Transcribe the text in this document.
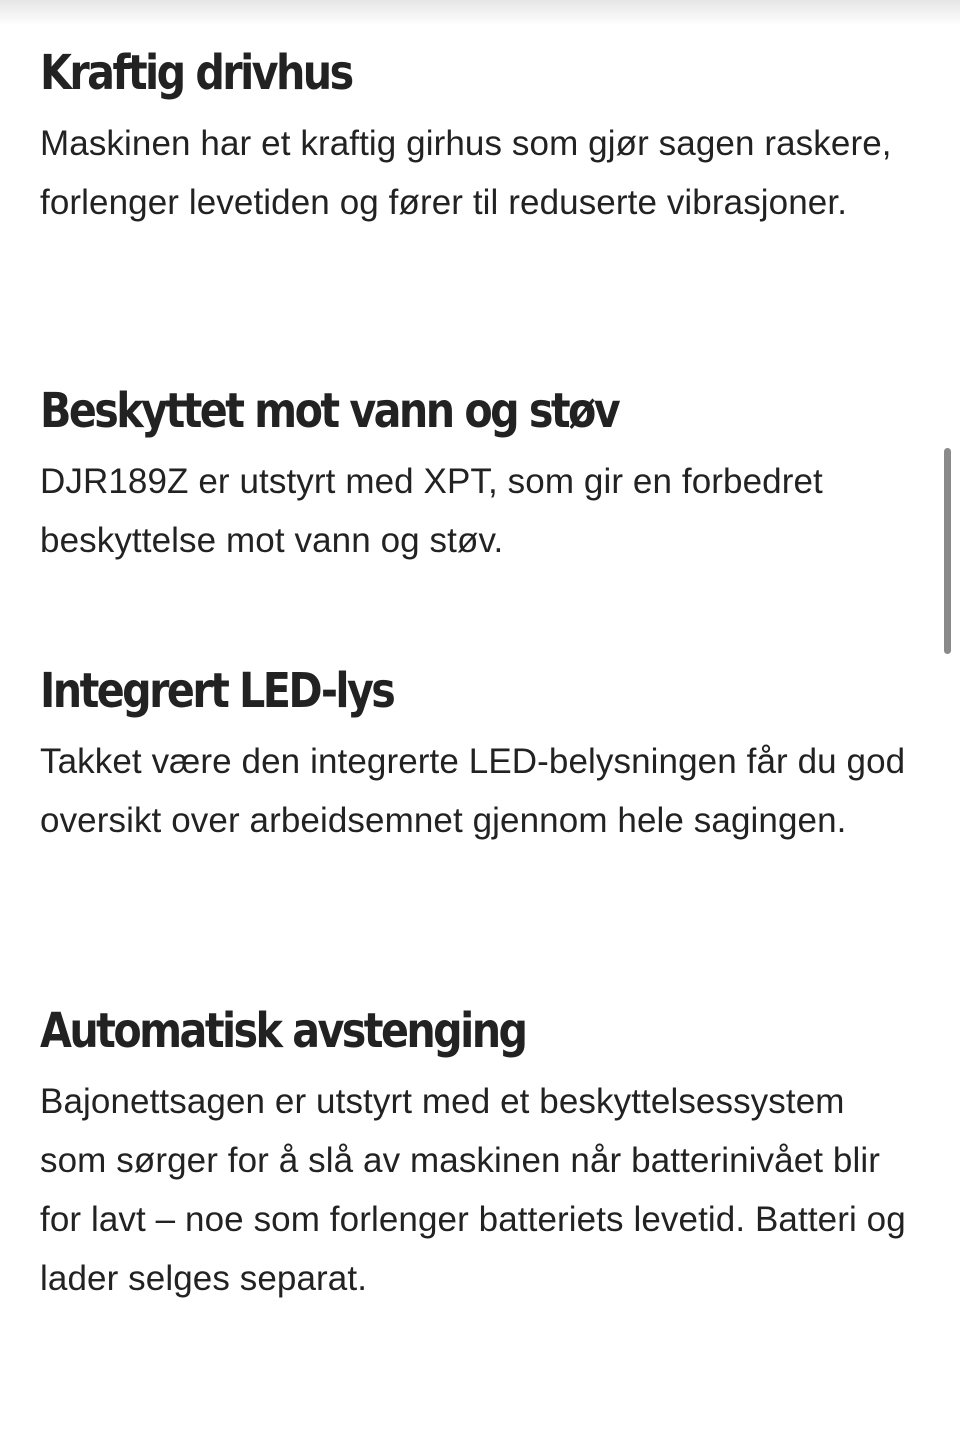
Kraftig drivhus

Maskinen har et kraftig girhus som gjør sagen raskere, forlenger levetiden og fører til reduserte vibrasjoner.

Beskyttet mot vann og støv

DJR189Z er utstyrt med XPT, som gir en forbedret beskyttelse mot vann og støv.

Integrert LED-lys

Takket være den integrerte LED-belysningen får du god oversikt over arbeidsemnet gjennom hele sagingen.

Automatisk avstenging

Bajonettsagen er utstyrt med et beskyttelsessystem som sørger for å slå av maskinen når batterinivået blir for lavt – noe som forlenger batteriets levetid. Batteri og lader selges separat.
